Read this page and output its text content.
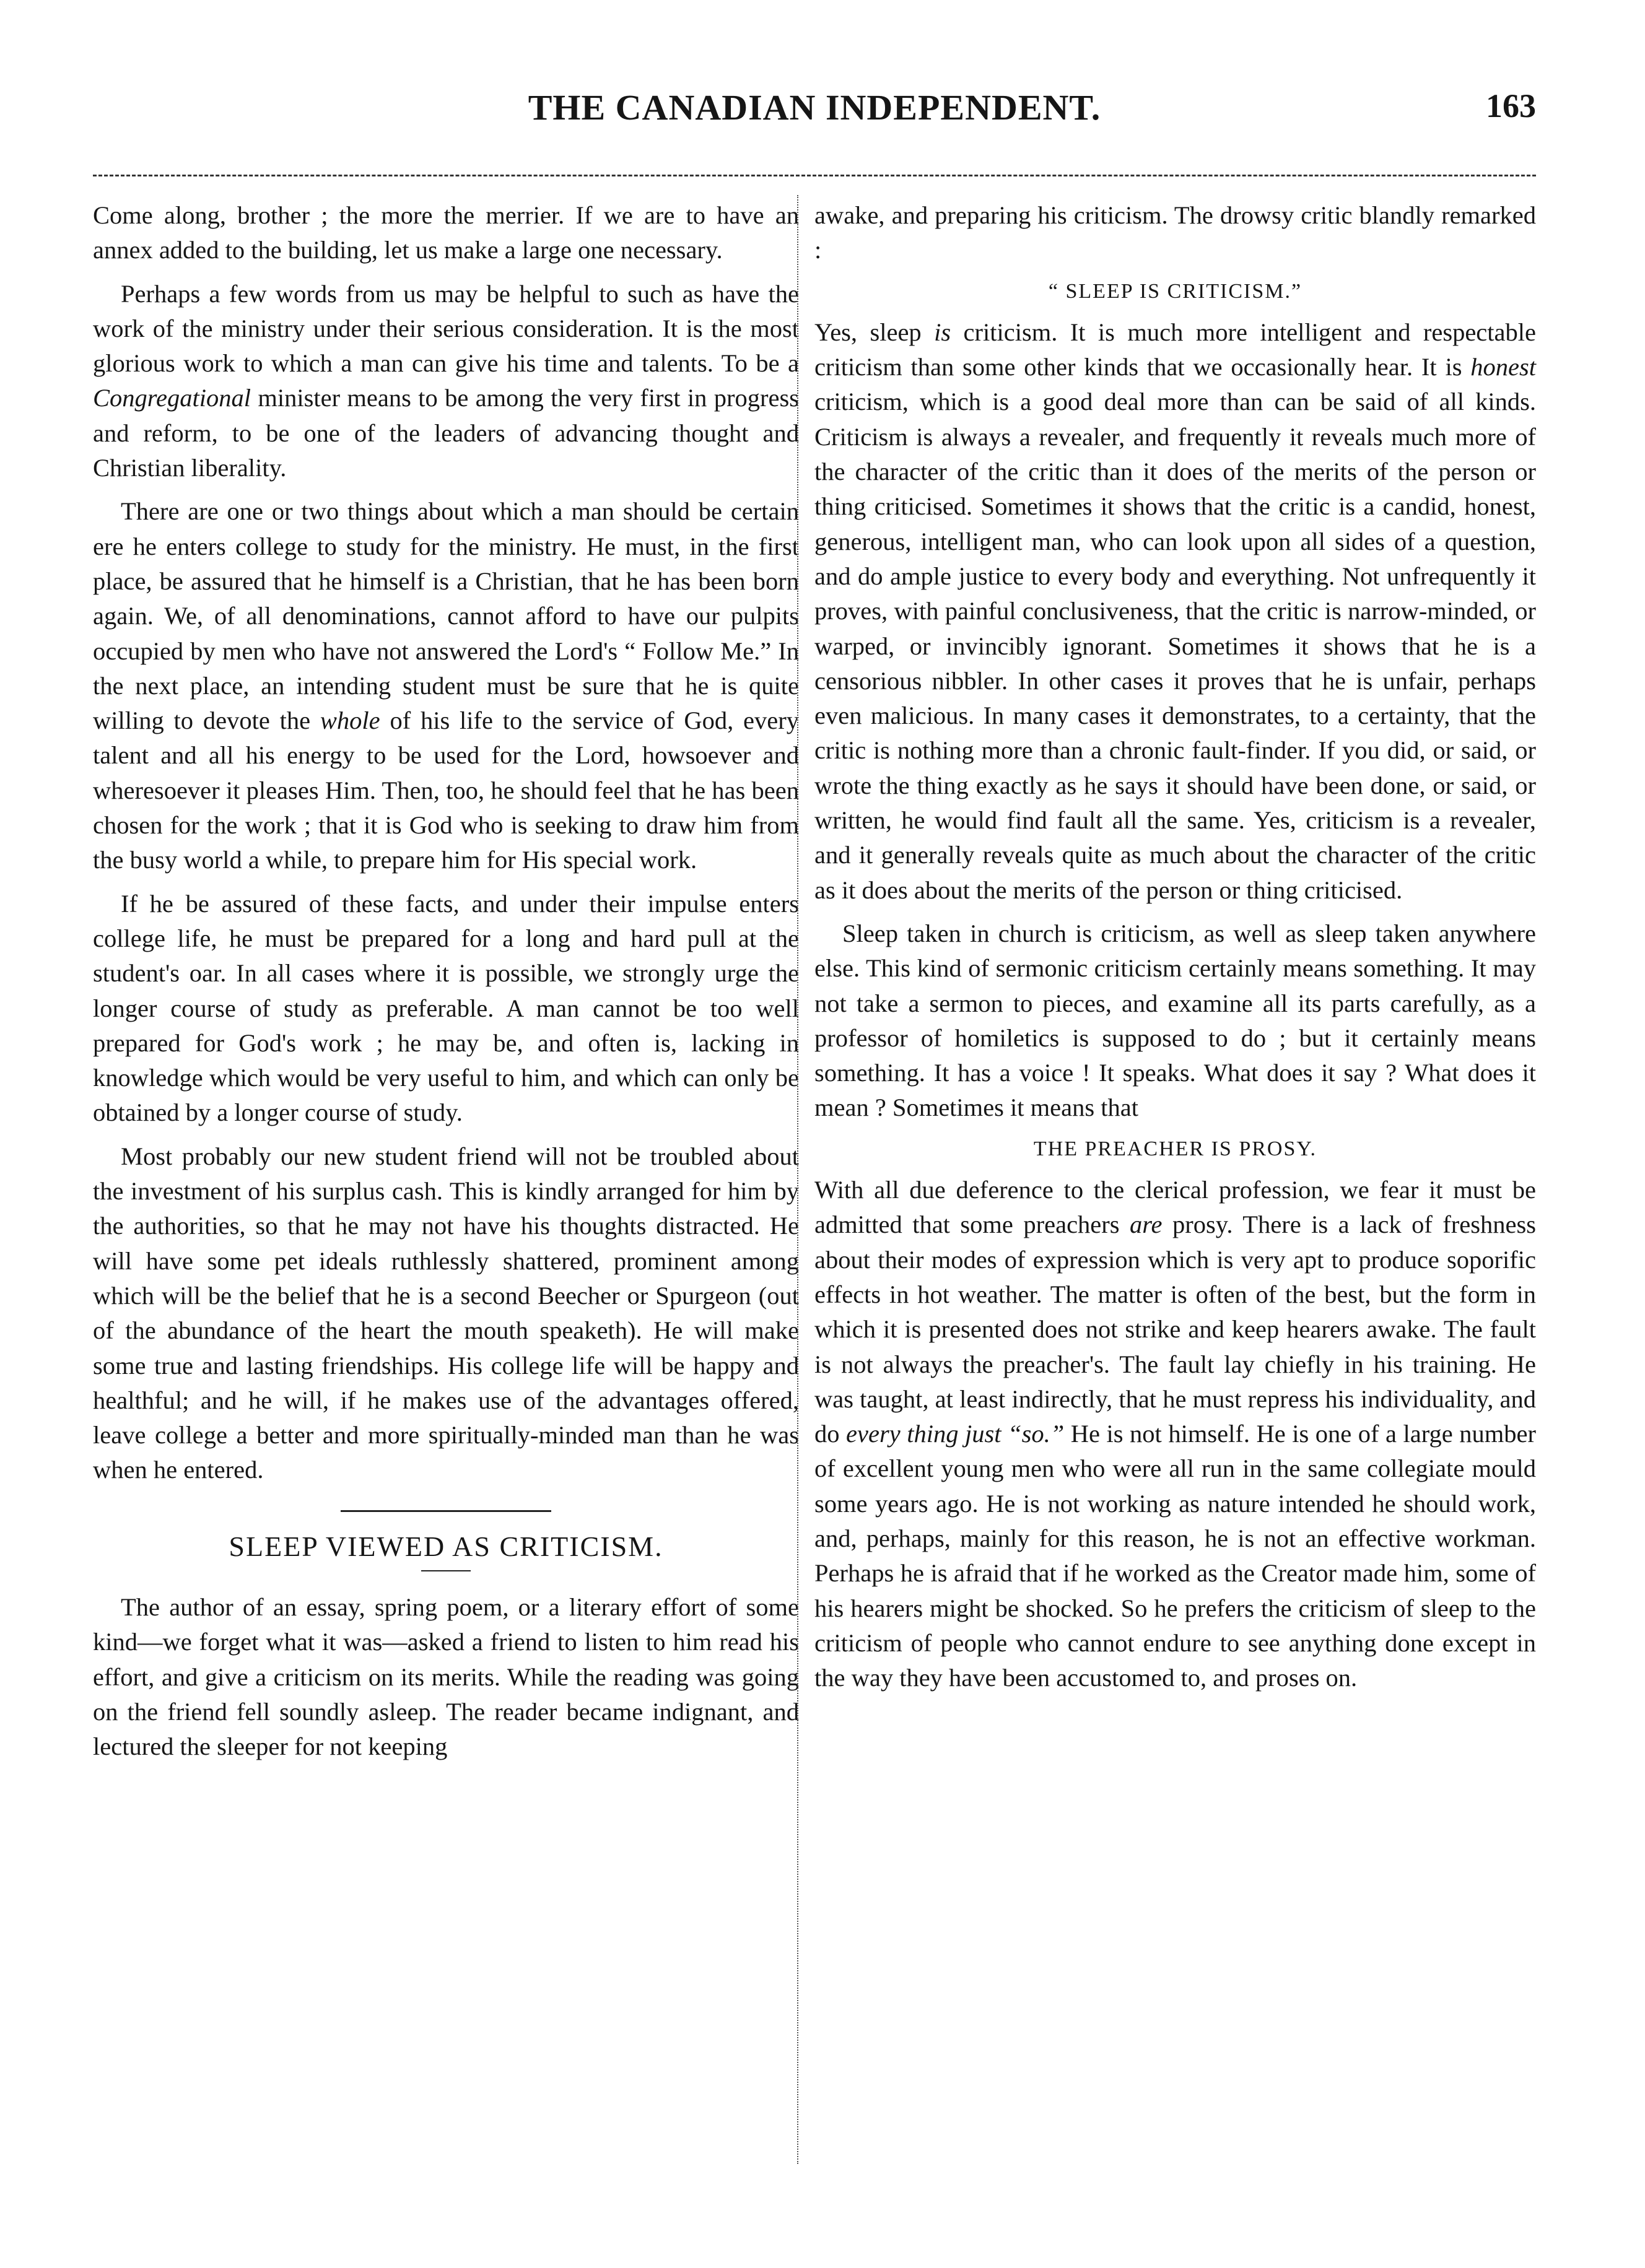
THE CANADIAN INDEPENDENT.	163

Come along, brother ; the more the merrier. If we are to have an annex added to the building, let us make a large one necessary.

Perhaps a few words from us may be helpful to such as have the work of the ministry under their serious consideration. It is the most glorious work to which a man can give his time and talents. To be a Congregational minister means to be among the very first in progress and reform, to be one of the leaders of advancing thought and Christian liberality.

There are one or two things about which a man should be certain ere he enters college to study for the ministry. He must, in the first place, be assured that he himself is a Christian, that he has been born again. We, of all denominations, cannot afford to have our pulpits occupied by men who have not answered the Lord's “ Follow Me.” In the next place, an intending student must be sure that he is quite willing to devote the whole of his life to the service of God, every talent and all his energy to be used for the Lord, howsoever and wheresoever it pleases Him. Then, too, he should feel that he has been chosen for the work ; that it is God who is seeking to draw him from the busy world a while, to prepare him for His special work.

If he be assured of these facts, and under their impulse enters college life, he must be prepared for a long and hard pull at the student's oar. In all cases where it is possible, we strongly urge the longer course of study as preferable. A man cannot be too well prepared for God's work ; he may be, and often is, lacking in knowledge which would be very useful to him, and which can only be obtained by a longer course of study.

Most probably our new student friend will not be troubled about the investment of his surplus cash. This is kindly arranged for him by the authorities, so that he may not have his thoughts distracted. He will have some pet ideals ruthlessly shattered, prominent among which will be the belief that he is a second Beecher or Spurgeon (out of the abundance of the heart the mouth speaketh). He will make some true and lasting friendships. His college life will be happy and healthful; and he will, if he makes use of the advantages offered, leave college a better and more spiritually-minded man than he was when he entered.

SLEEP VIEWED AS CRITICISM.

The author of an essay, spring poem, or a literary effort of some kind—we forget what it was—asked a friend to listen to him read his effort, and give a criticism on its merits. While the reading was going on the friend fell soundly asleep. The reader became indignant, and lectured the sleeper for not keeping

awake, and preparing his criticism. The drowsy critic blandly remarked :

“ SLEEP IS CRITICISM.”

Yes, sleep is criticism. It is much more intelligent and respectable criticism than some other kinds that we occasionally hear. It is honest criticism, which is a good deal more than can be said of all kinds. Criticism is always a revealer, and frequently it reveals much more of the character of the critic than it does of the merits of the person or thing criticised. Sometimes it shows that the critic is a candid, honest, generous, intelligent man, who can look upon all sides of a question, and do ample justice to every body and everything. Not unfrequently it proves, with painful conclusiveness, that the critic is narrow-minded, or warped, or invincibly ignorant. Sometimes it shows that he is a censorious nibbler. In other cases it proves that he is unfair, perhaps even malicious. In many cases it demonstrates, to a certainty, that the critic is nothing more than a chronic fault-finder. If you did, or said, or wrote the thing exactly as he says it should have been done, or said, or written, he would find fault all the same. Yes, criticism is a revealer, and it generally reveals quite as much about the character of the critic as it does about the merits of the person or thing criticised.

Sleep taken in church is criticism, as well as sleep taken anywhere else. This kind of sermonic criticism certainly means something. It may not take a sermon to pieces, and examine all its parts carefully, as a professor of homiletics is supposed to do ; but it certainly means something. It has a voice ! It speaks. What does it say ? What does it mean ? Sometimes it means that

THE PREACHER IS PROSY.

With all due deference to the clerical profession, we fear it must be admitted that some preachers are prosy. There is a lack of freshness about their modes of expression which is very apt to produce soporific effects in hot weather. The matter is often of the best, but the form in which it is presented does not strike and keep hearers awake. The fault is not always the preacher's. The fault lay chiefly in his training. He was taught, at least indirectly, that he must repress his individuality, and do every thing just “so.” He is not himself. He is one of a large number of excellent young men who were all run in the same collegiate mould some years ago. He is not working as nature intended he should work, and, perhaps, mainly for this reason, he is not an effective workman. Perhaps he is afraid that if he worked as the Creator made him, some of his hearers might be shocked. So he prefers the criticism of sleep to the criticism of people who cannot endure to see anything done except in the way they have been accustomed to, and proses on.
